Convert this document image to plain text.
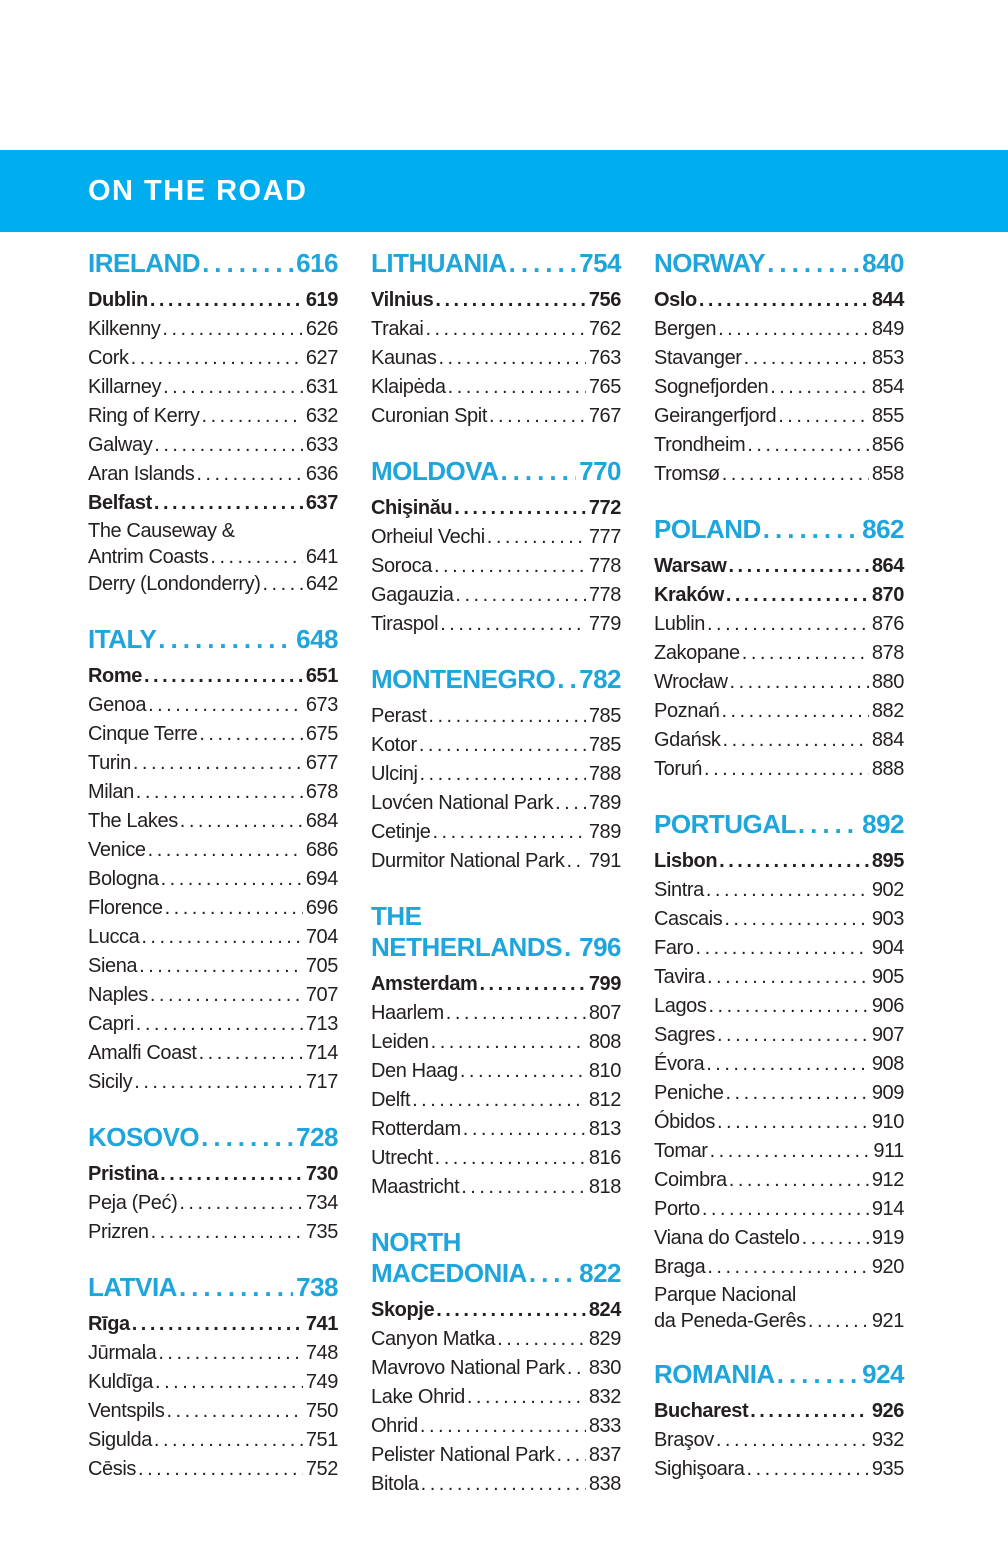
ON THE ROAD
IRELAND .....	616
Dublin .....	619
Kilkenny .....	626
Cork .....	627
Killarney .....	631
Ring of Kerry .....	632
Galway .....	633
Aran Islands .....	636
Belfast .....	637
The Causeway &
Antrim Coasts .....	641
Derry (Londonderry) ..... 642
ITALY .....	648
Rome .....	651
Genoa .....	673
Cinque Terre .....	675
Turin .....	677
Milan .....	678
The Lakes .....	684
Venice .....	686
Bologna .....	694
Florence .....	696
Lucca .....	704
Siena .....	705
Naples .....	707
Capri .....	713
Amalfi Coast .....	714
Sicily .....	717
KOSOVO .....	728
Pristina .....	730
Peja (Peć) .....	734
Prizren .....	735
LATVIA .....	738
Rīga .....	741
Jūrmala .....	748
Kuldīga .....	749
Ventspils .....	750
Sigulda .....	751
Cēsis .....	752
LITHUANIA .....	754
Vilnius .....	756
Trakai .....	762
Kaunas .....	763
Klaipėda .....	765
Curonian Spit .....	767
MOLDOVA .....	770
Chişinău .....	772
Orheiul Vechi .....	777
Soroca .....	778
Gagauzia .....	778
Tiraspol .....	779
MONTENEGRO ..... 782
Perast .....	785
Kotor .....	785
Ulcinj .....	788
Lovćen National Park ..... 789
Cetinje .....	789
Durmitor National Park ..... 791
THE
NETHERLANDS ..... 796
Amsterdam .....	799
Haarlem .....	807
Leiden .....	808
Den Haag .....	810
Delft .....	812
Rotterdam .....	813
Utrecht .....	816
Maastricht .....	818
NORTH
MACEDONIA ..... 822
Skopje .....	824
Canyon Matka .....	829
Mavrovo National Park ..... 830
Lake Ohrid .....	832
Ohrid .....	833
Pelister National Park ..... 837
Bitola .....	838
NORWAY .....	840
Oslo .....	844
Bergen .....	849
Stavanger .....	853
Sognefjorden .....	854
Geirangerfjord .....	855
Trondheim .....	856
Tromsø .....	858
POLAND .....	862
Warsaw .....	864
Kraków .....	870
Lublin .....	876
Zakopane .....	878
Wrocław .....	880
Poznań .....	882
Gdańsk .....	884
Toruń .....	888
PORTUGAL .....	892
Lisbon .....	895
Sintra .....	902
Cascais .....	903
Faro .....	904
Tavira .....	905
Lagos .....	906
Sagres .....	907
Évora .....	908
Peniche .....	909
Óbidos .....	910
Tomar .....	911
Coimbra .....	912
Porto .....	914
Viana do Castelo .....	919
Braga .....	920
Parque Nacional
da Peneda-Gerês .....	921
ROMANIA .....	924
Bucharest .....	926
Braşov .....	932
Sighişoara .....	935
